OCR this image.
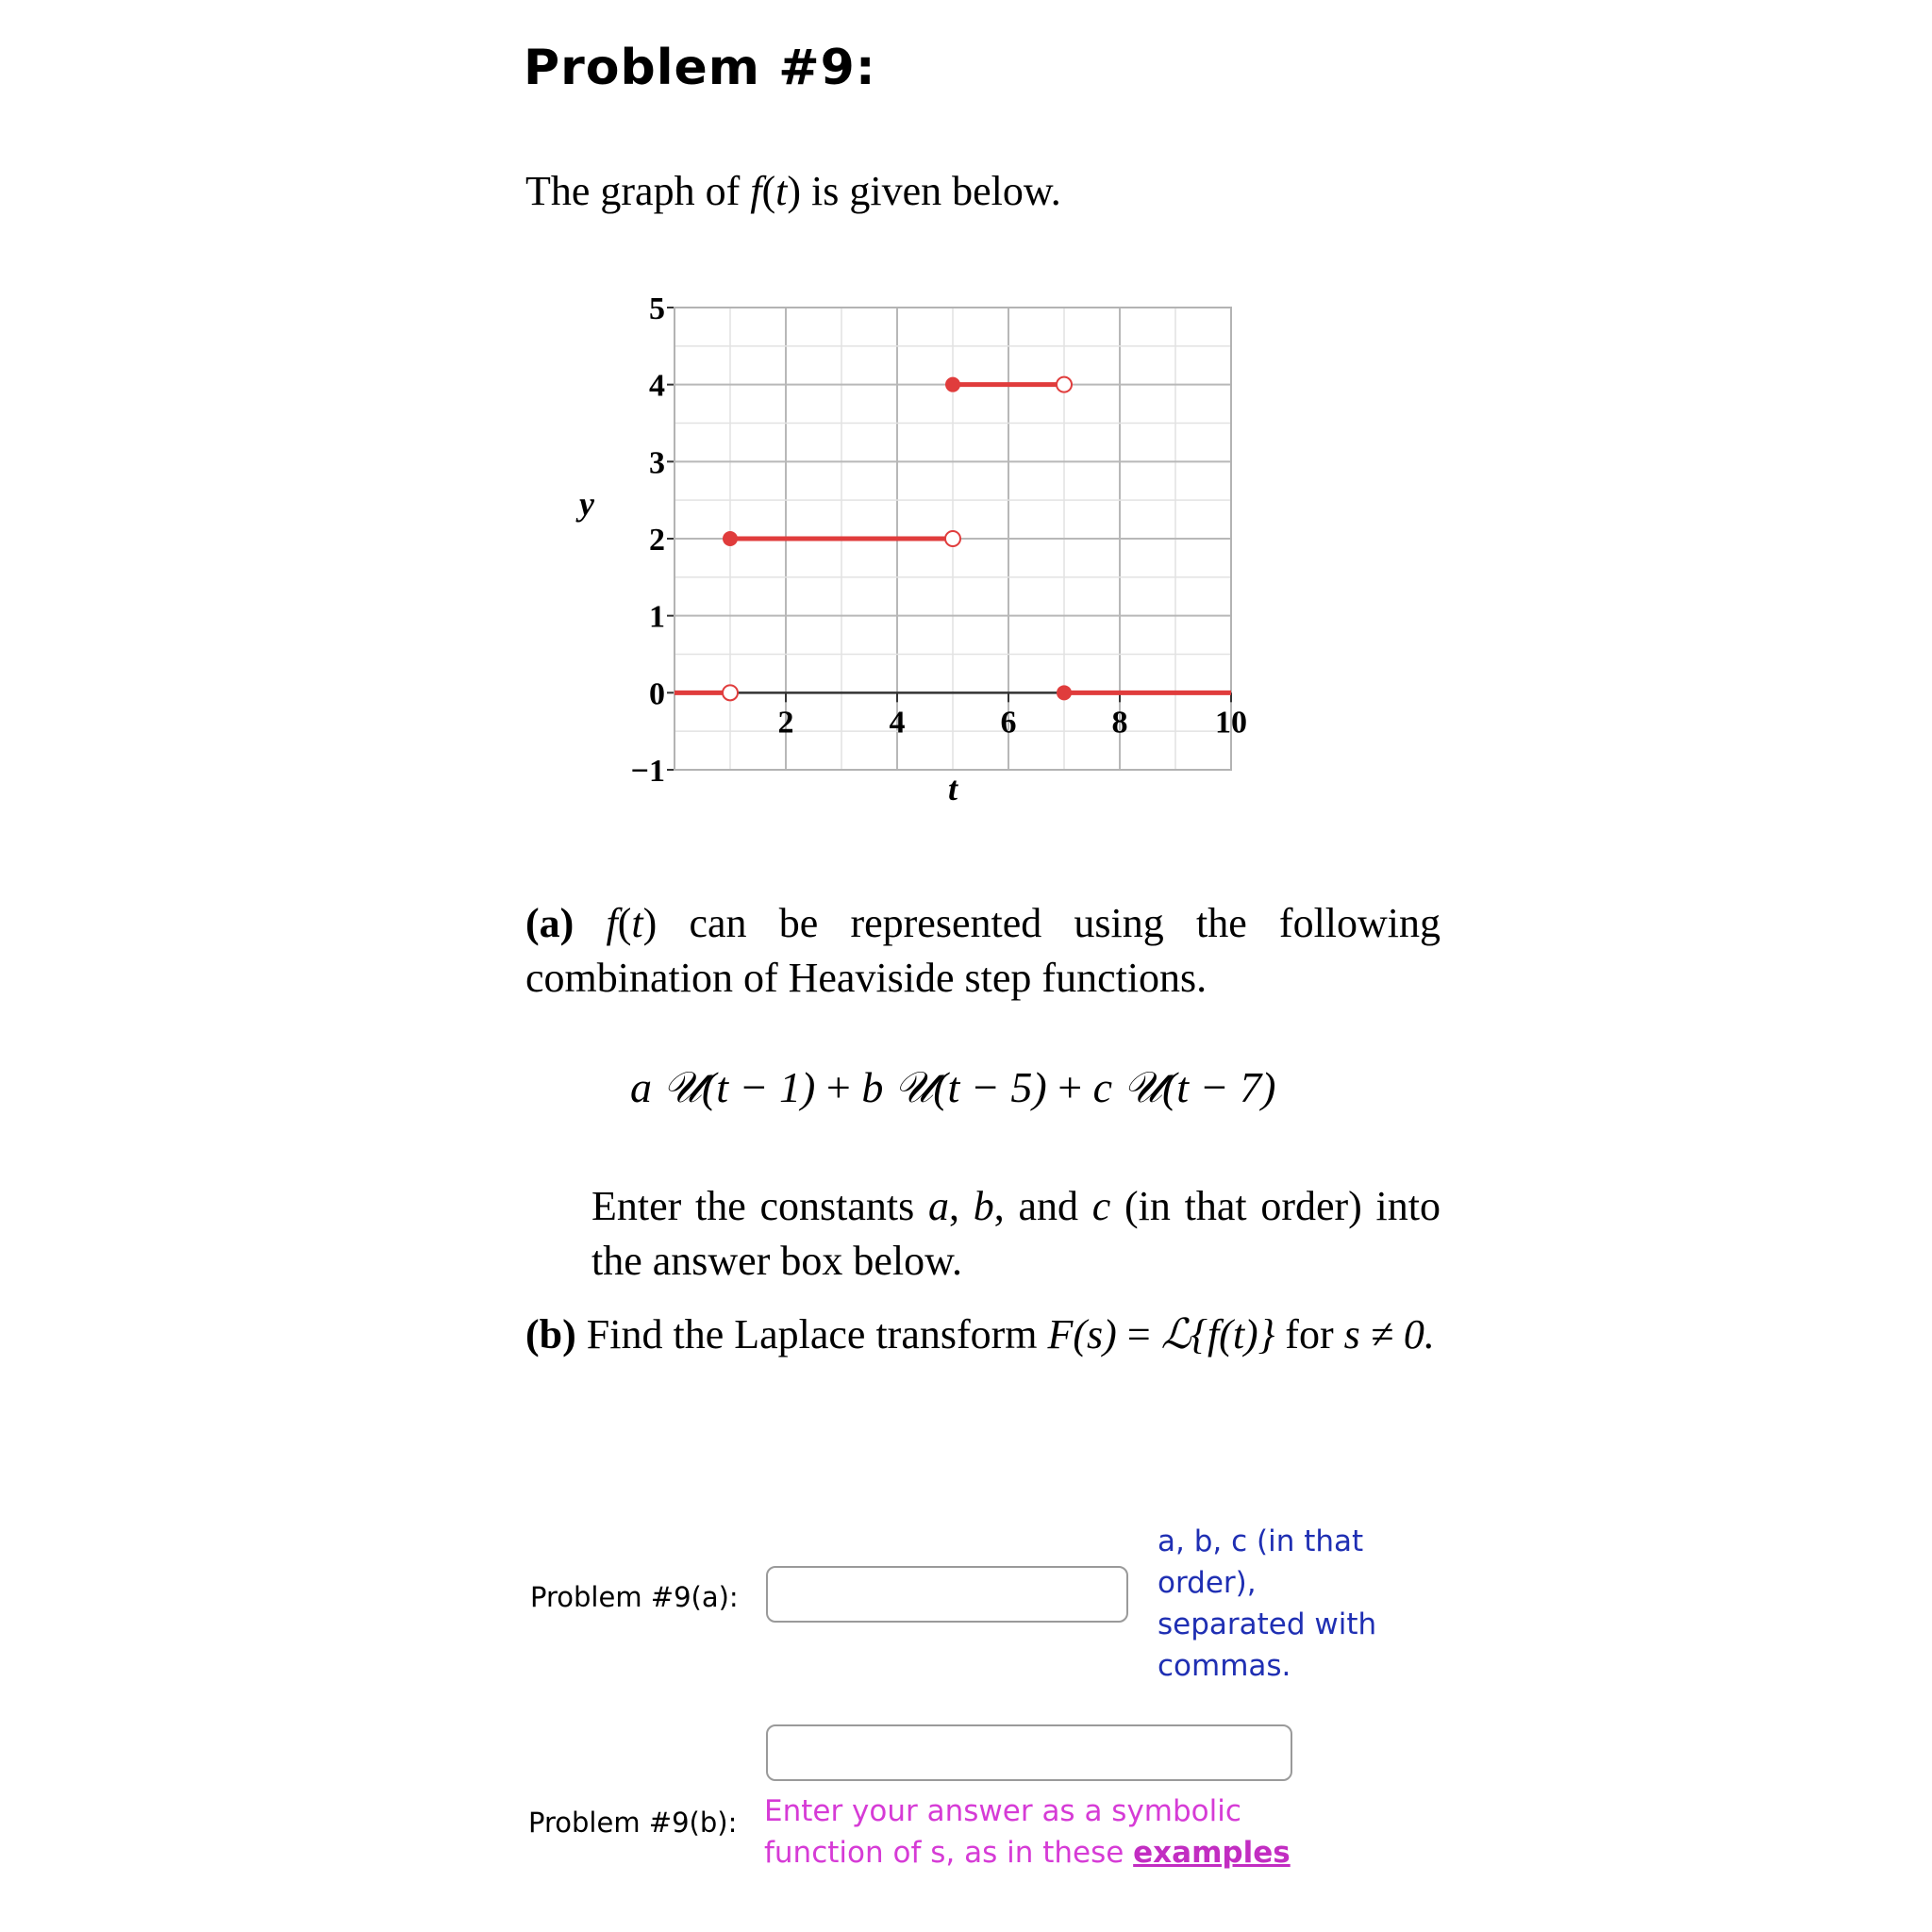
Problem #9:
The graph of f(t) is given below.
5
4
3
2
1
0
−1
2	4	6	8	10
y
t
(a) f(t) can be represented using the following combination of Heaviside step functions.
a 𝒰(t − 1) + b 𝒰(t − 5) + c 𝒰(t − 7)
Enter the constants a, b, and c (in that order) into the answer box below.
(b) Find the Laplace transform F(s) = ℒ{f(t)} for s ≠ 0.
Problem #9(a):
a, b, c (in that order), separated with commas.
Problem #9(b): Enter your answer as a symbolic function of s, as in these examples
